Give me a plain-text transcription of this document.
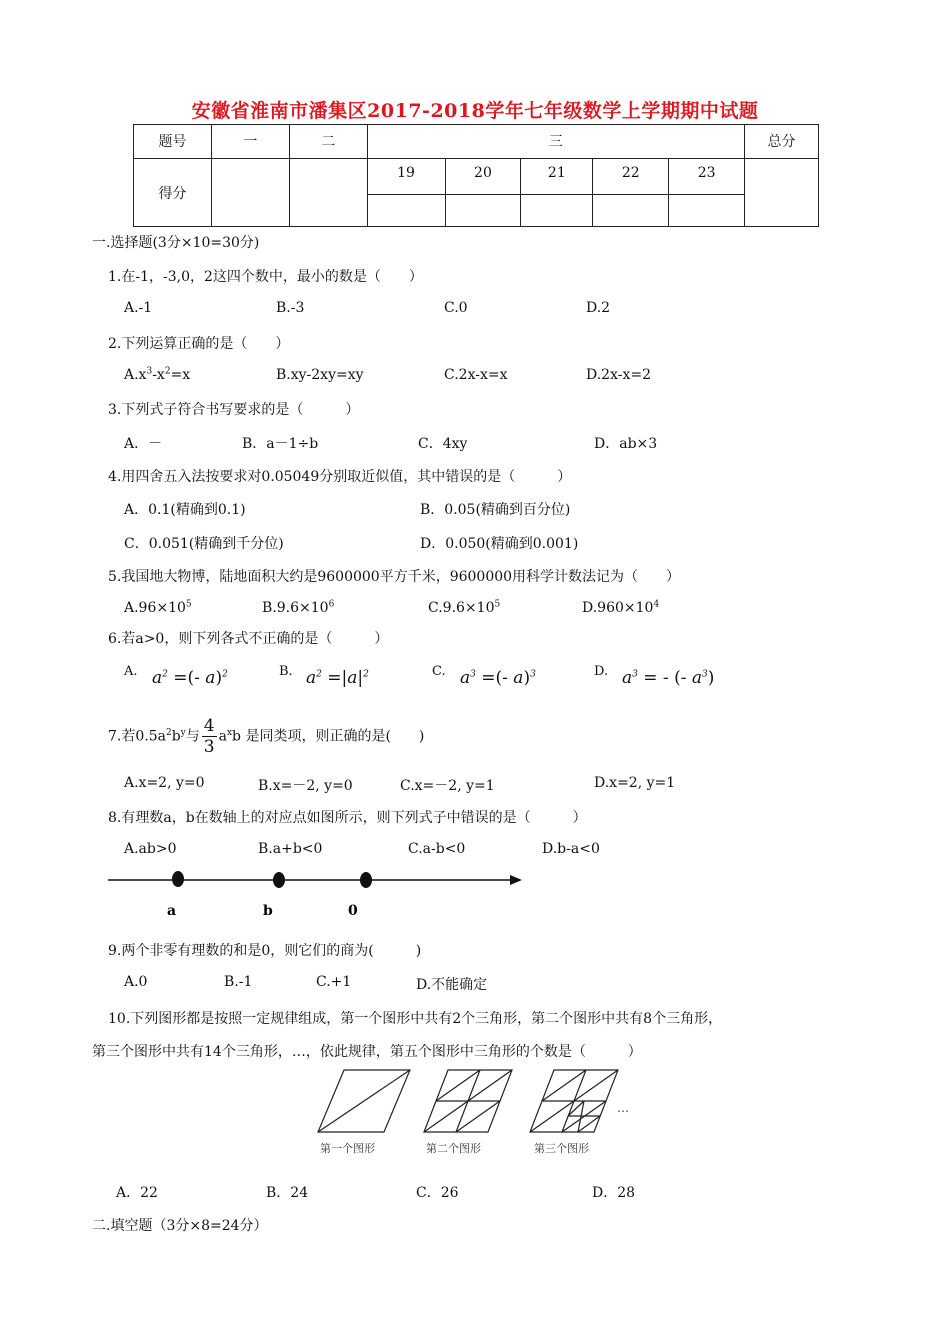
安徽省淮南市潘集区2017-2018学年七年级数学上学期期中试题
题号	一	二	三					总分
得分			19	20	21	22	23	

一.选择题(3分×10=30分)
1.在-1，-3,0，2这四个数中，最小的数是（　　）
A.-1	B.-3	C.0	D.2
2.下列运算正确的是（　　）
$A.x^3-x^2=x$	B.xy-2xy=xy	C.2x-x=x	D.2x-x=2
3.下列式子符合书写要求的是（　　　）
A．－	B．a－1÷b	C．4xy	D．ab×3
4.用四舍五入法按要求对0.05049分别取近似值，其中错误的是（　　　）
A．0.1(精确到0.1)	B．0.05(精确到百分位)
C．0.051(精确到千分位)	D．0.050(精确到0.001)
5.我国地大物博，陆地面积大约是9600000平方千米，9600000用科学计数法记为（　　）
$A.96\times 10^5$	$B.9.6\times 10^6$	$C.9.6\times 10^5$	$D.960\times 10^4$
6.若a>0，则下列各式不正确的是（　　　）
A. $a^2$ =(- a)$^2$	B. $a^2 =|a|^2$	C. $a^3$ =(- a)$^3$	D. $a^3$ = - (- $a^3$)
7.若$0.5a^2b^y$与 $\frac{4}{3} a^xb$ 是同类项，则正确的是(　　)
A.x=2, y=0	B.x=－2, y=0	C.x=－2, y=1	D.x=2, y=1
8.有理数a，b在数轴上的对应点如图所示，则下列式子中错误的是（　　　）
A.ab>0	B.a+b<0	C.a-b<0	D.b-a<0
a	b	0
9.两个非零有理数的和是0，则它们的商为(　　　)
A.0	B.-1	C.+1	D.不能确定
10.下列图形都是按照一定规律组成，第一个图形中共有2个三角形，第二个图形中共有8个三角形，
第三个图形中共有14个三角形，…，依此规律，第五个图形中三角形的个数是（　　　）
…
第一个图形	第二个图形	第三个图形
A．22	B．24	C．26	D．28
二.填空题（3分×8=24分）
